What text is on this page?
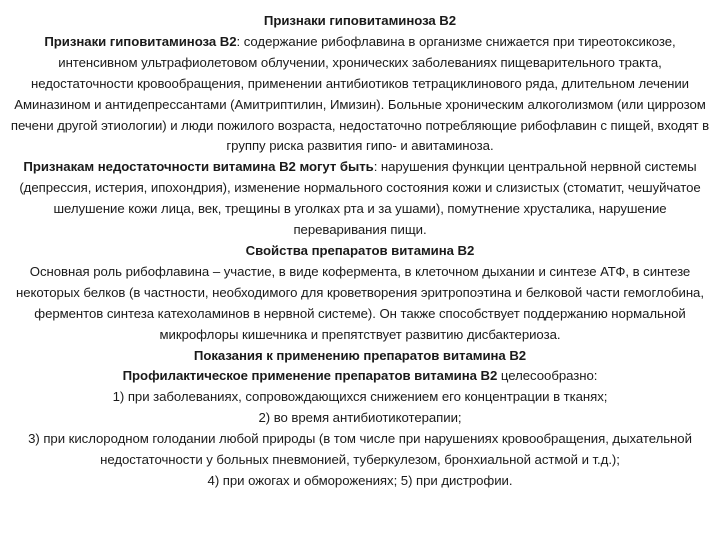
Признаки гиповитаминоза В2

Признаки гиповитаминоза В2: содержание рибофлавина в организме снижается при тиреотоксикозе, интенсивном ультрафиолетовом облучении, хронических заболеваниях пищеварительного тракта, недостаточности кровообращения, применении антибиотиков тетрациклинового ряда, длительном лечении Аминазином и антидепрессантами (Амитриптилин, Имизин). Больные хроническим алкоголизмом (или циррозом печени другой этиологии) и люди пожилого возраста, недостаточно потребляющие рибофлавин с пищей, входят в группу риска развития гипо- и авитаминоза.

Признакам недостаточности витамина В2 могут быть: нарушения функции центральной нервной системы (депрессия, истерия, ипохондрия), изменение нормального состояния кожи и слизистых (стоматит, чешуйчатое шелушение кожи лица, век, трещины в уголках рта и за ушами), помутнение хрусталика, нарушение переваривания пищи.

Свойства препаратов витамина В2

Основная роль рибофлавина – участие, в виде кофермента, в клеточном дыхании и синтезе АТФ, в синтезе некоторых белков (в частности, необходимого для кроветворения эритропоэтина и белковой части гемоглобина, ферментов синтеза катехоламинов в нервной системе). Он также способствует поддержанию нормальной микрофлоры кишечника и препятствует развитию дисбактериоза.

Показания к применению препаратов витамина В2

Профилактическое применение препаратов витамина В2 целесообразно:

1) при заболеваниях, сопровождающихся снижением его концентрации в тканях;

2) во время антибиотикотерапии;

3) при кислородном голодании любой природы (в том числе при нарушениях кровообращения, дыхательной недостаточности у больных пневмонией, туберкулезом, бронхиальной астмой и т.д.);

4) при ожогах и обморожениях; 5) при дистрофии.
